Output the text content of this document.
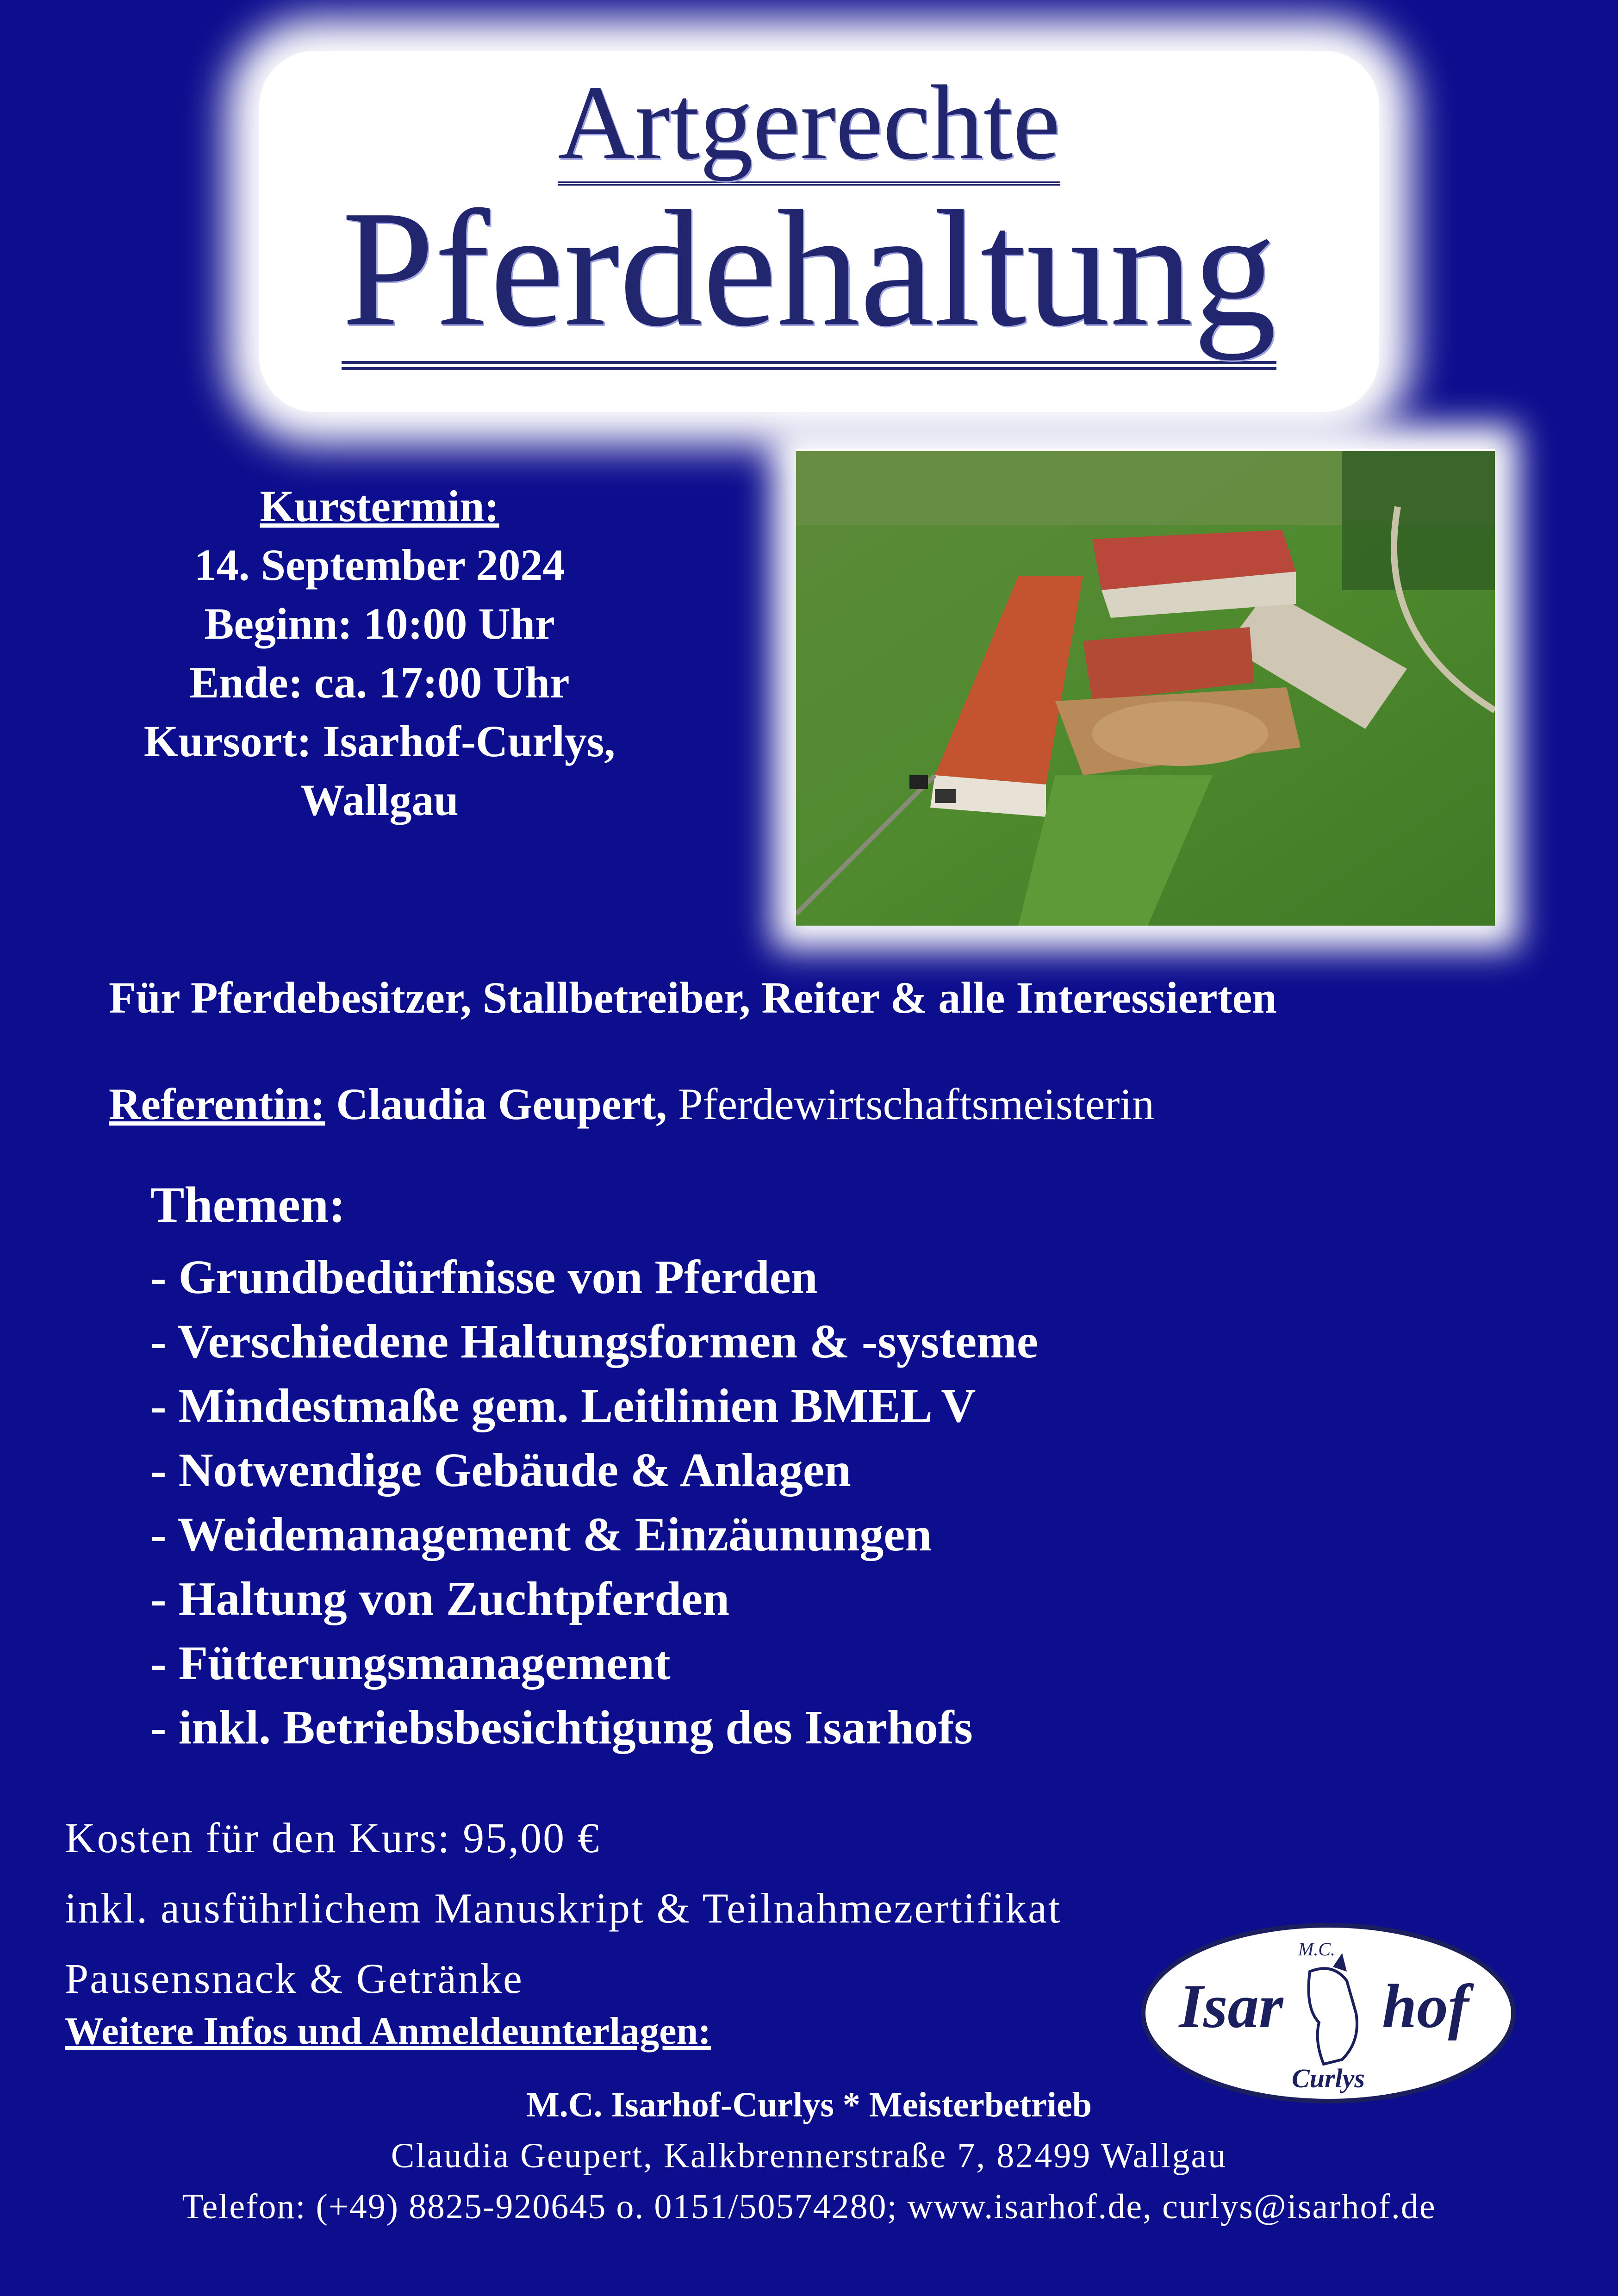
Artgerechte
Pferdehaltung
Kurstermin:
14. September 2024
Beginn: 10:00 Uhr
Ende: ca. 17:00 Uhr
Kursort: Isarhof-Curlys,
Wallgau
Für Pferdebesitzer, Stallbetreiber, Reiter & alle Interessierten
Referentin: Claudia Geupert, Pferdewirtschaftsmeisterin
Themen:
- Grundbedürfnisse von Pferden
- Verschiedene Haltungsformen & -systeme
- Mindestmaße gem. Leitlinien BMEL V
- Notwendige Gebäude & Anlagen
- Weidemanagement & Einzäunungen
- Haltung von Zuchtpferden
- Fütterungsmanagement
- inkl. Betriebsbesichtigung des Isarhofs
Kosten für den Kurs: 95,00 €
inkl. ausführlichem Manuskript & Teilnahmezertifikat
Pausensnack & Getränke
Weitere Infos und Anmeldeunterlagen:
M.C.
Isar hof
Curlys
M.C. Isarhof-Curlys * Meisterbetrieb
Claudia Geupert, Kalkbrennerstraße 7, 82499 Wallgau
Telefon: (+49) 8825-920645 o. 0151/50574280; www.isarhof.de, curlys@isarhof.de
